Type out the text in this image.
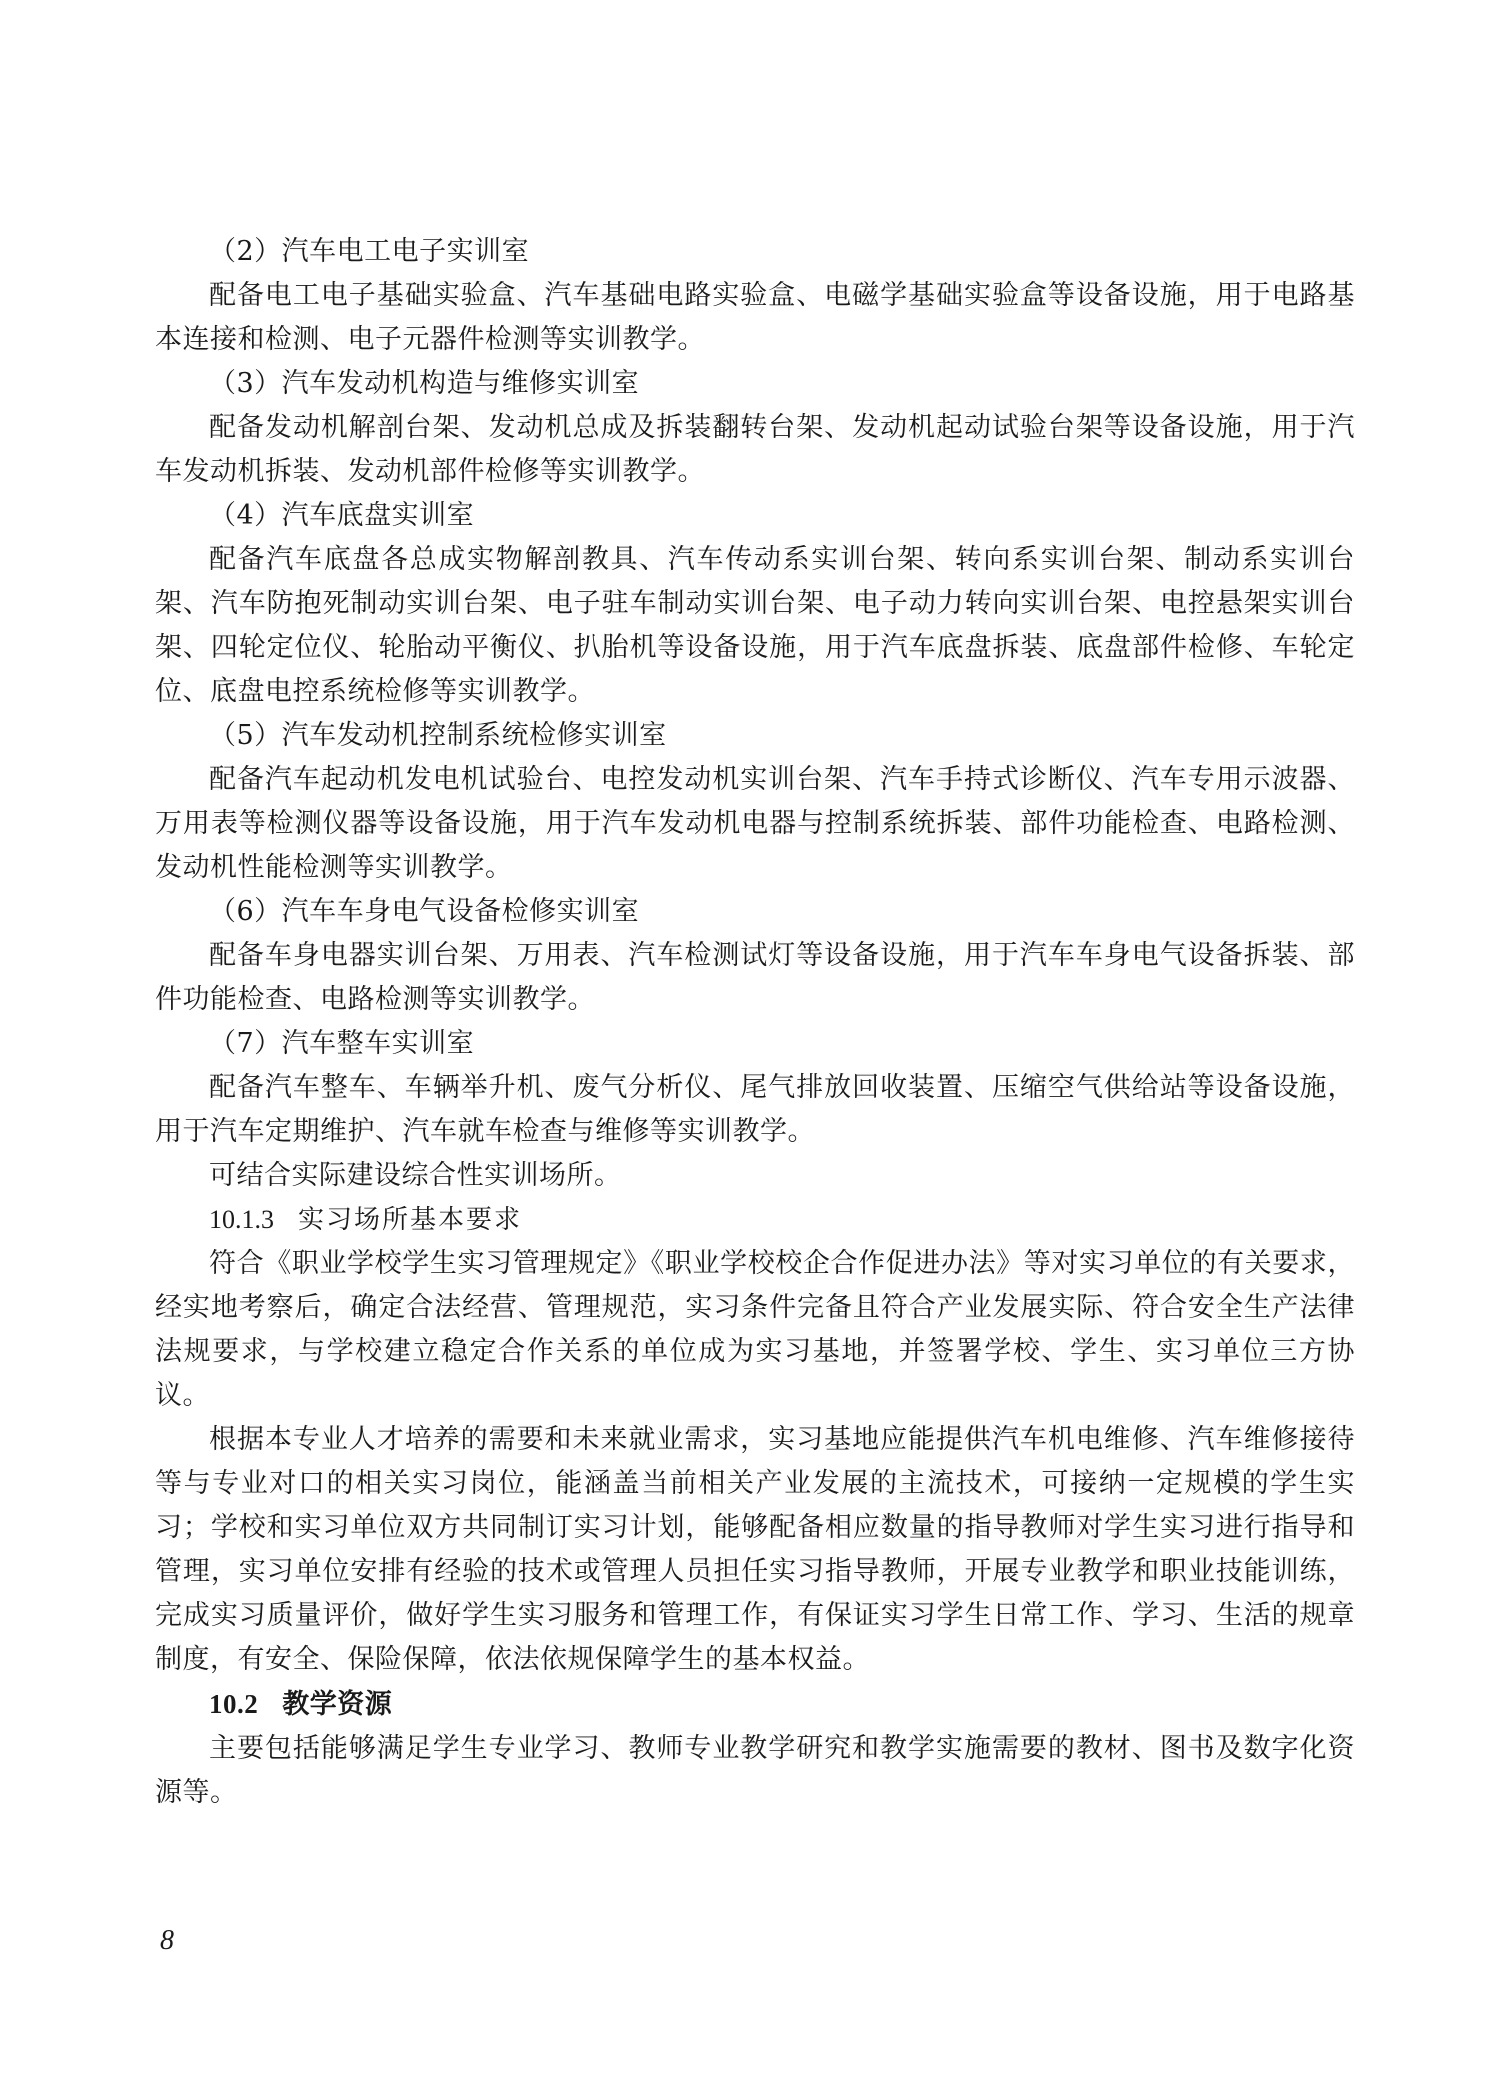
（2）汽车电工电子实训室

配备电工电子基础实验盒、汽车基础电路实验盒、电磁学基础实验盒等设备设施，用于电路基本连接和检测、电子元器件检测等实训教学。

（3）汽车发动机构造与维修实训室

配备发动机解剖台架、发动机总成及拆装翻转台架、发动机起动试验台架等设备设施，用于汽车发动机拆装、发动机部件检修等实训教学。

（4）汽车底盘实训室

配备汽车底盘各总成实物解剖教具、汽车传动系实训台架、转向系实训台架、制动系实训台架、汽车防抱死制动实训台架、电子驻车制动实训台架、电子动力转向实训台架、电控悬架实训台架、四轮定位仪、轮胎动平衡仪、扒胎机等设备设施，用于汽车底盘拆装、底盘部件检修、车轮定位、底盘电控系统检修等实训教学。

（5）汽车发动机控制系统检修实训室

配备汽车起动机发电机试验台、电控发动机实训台架、汽车手持式诊断仪、汽车专用示波器、万用表等检测仪器等设备设施，用于汽车发动机电器与控制系统拆装、部件功能检查、电路检测、发动机性能检测等实训教学。

（6）汽车车身电气设备检修实训室

配备车身电器实训台架、万用表、汽车检测试灯等设备设施，用于汽车车身电气设备拆装、部件功能检查、电路检测等实训教学。

（7）汽车整车实训室

配备汽车整车、车辆举升机、废气分析仪、尾气排放回收装置、压缩空气供给站等设备设施，用于汽车定期维护、汽车就车检查与维修等实训教学。

可结合实际建设综合性实训场所。

10.1.3 实习场所基本要求

符合《职业学校学生实习管理规定》《职业学校校企合作促进办法》等对实习单位的有关要求，经实地考察后，确定合法经营、管理规范，实习条件完备且符合产业发展实际、符合安全生产法律法规要求，与学校建立稳定合作关系的单位成为实习基地，并签署学校、学生、实习单位三方协议。

根据本专业人才培养的需要和未来就业需求，实习基地应能提供汽车机电维修、汽车维修接待等与专业对口的相关实习岗位，能涵盖当前相关产业发展的主流技术，可接纳一定规模的学生实习；学校和实习单位双方共同制订实习计划，能够配备相应数量的指导教师对学生实习进行指导和管理，实习单位安排有经验的技术或管理人员担任实习指导教师，开展专业教学和职业技能训练，完成实习质量评价，做好学生实习服务和管理工作，有保证实习学生日常工作、学习、生活的规章制度，有安全、保险保障，依法依规保障学生的基本权益。

10.2 教学资源

主要包括能够满足学生专业学习、教师专业教学研究和教学实施需要的教材、图书及数字化资源等。

8
